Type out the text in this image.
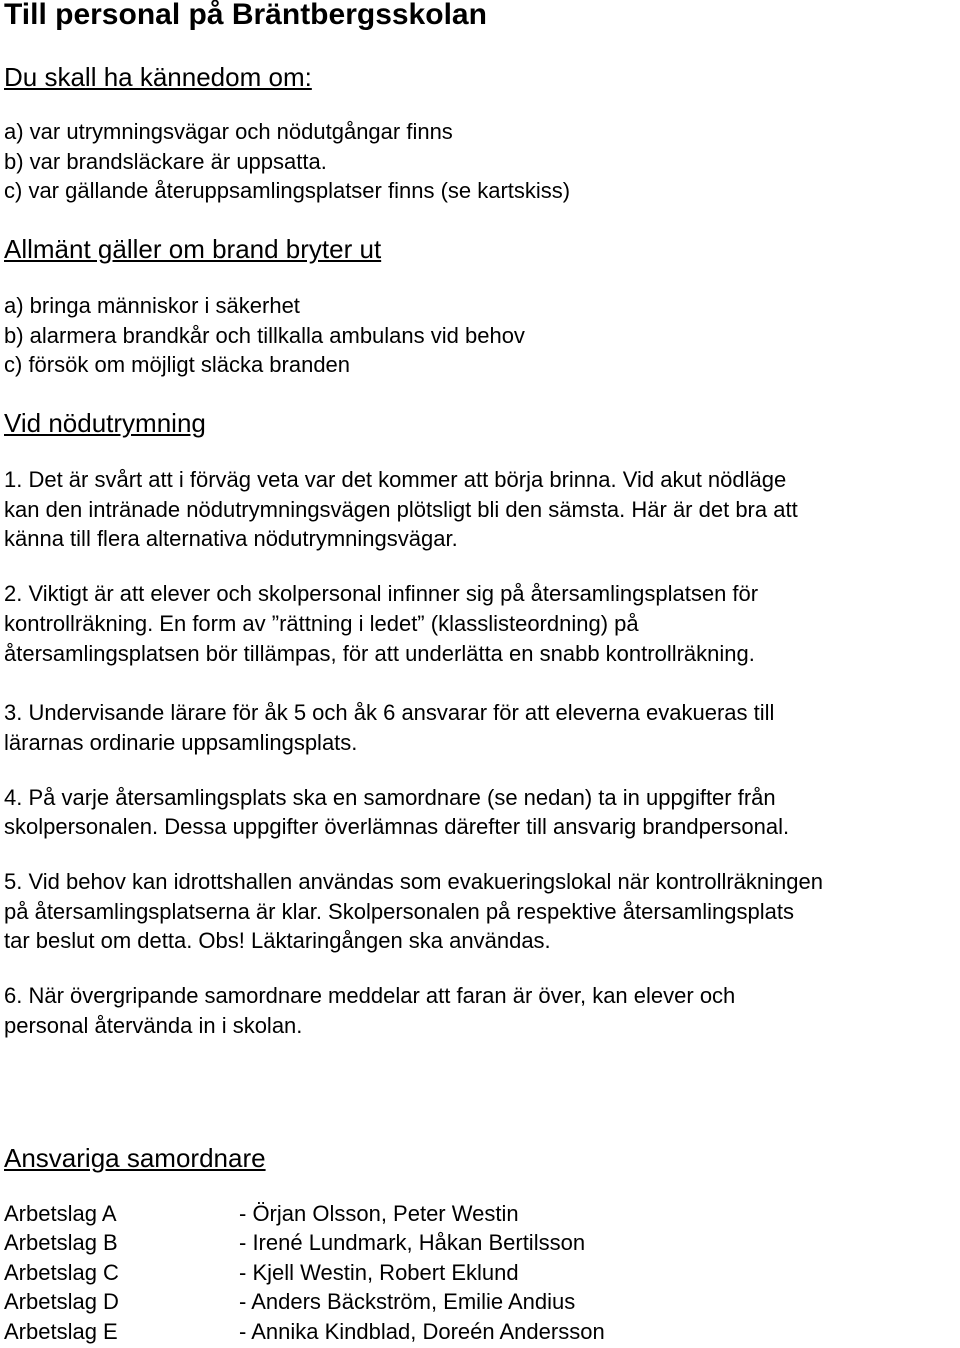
Till personal på Bräntbergsskolan
Du skall ha kännedom om:
a) var utrymningsvägar och nödutgångar finns
b) var brandsläckare är uppsatta.
c) var gällande återuppsamlingsplatser finns (se kartskiss)
Allmänt gäller om brand bryter ut
a) bringa människor i säkerhet
b) alarmera brandkår och tillkalla ambulans vid behov
c) försök om möjligt släcka branden
Vid nödutrymning
1. Det är svårt att i förväg veta var det kommer att börja brinna. Vid akut nödläge
kan den intränade nödutrymningsvägen plötsligt bli den sämsta. Här är det bra att
känna till flera alternativa nödutrymningsvägar.
2. Viktigt är att elever och skolpersonal infinner sig på återsamlingsplatsen för
kontrollräkning. En form av ”rättning i ledet” (klasslisteordning) på
återsamlingsplatsen bör tillämpas, för att underlätta en snabb kontrollräkning.
3. Undervisande lärare för åk 5 och åk 6 ansvarar för att eleverna evakueras till
lärarnas ordinarie uppsamlingsplats.
4. På varje återsamlingsplats ska en samordnare (se nedan) ta in uppgifter från
skolpersonalen. Dessa uppgifter överlämnas därefter till ansvarig brandpersonal.
5. Vid behov kan idrottshallen användas som evakueringslokal när kontrollräkningen
på återsamlingsplatserna är klar. Skolpersonalen på respektive återsamlingsplats
tar beslut om detta. Obs! Läktaringången ska användas.
6. När övergripande samordnare meddelar att faran är över, kan elever och
personal återvända in i skolan.
Ansvariga samordnare
Arbetslag A	- Örjan Olsson, Peter Westin
Arbetslag B	- Irené Lundmark, Håkan Bertilsson
Arbetslag C	- Kjell Westin, Robert Eklund
Arbetslag D	- Anders Bäckström, Emilie Andius
Arbetslag E	- Annika Kindblad, Doreén Andersson
